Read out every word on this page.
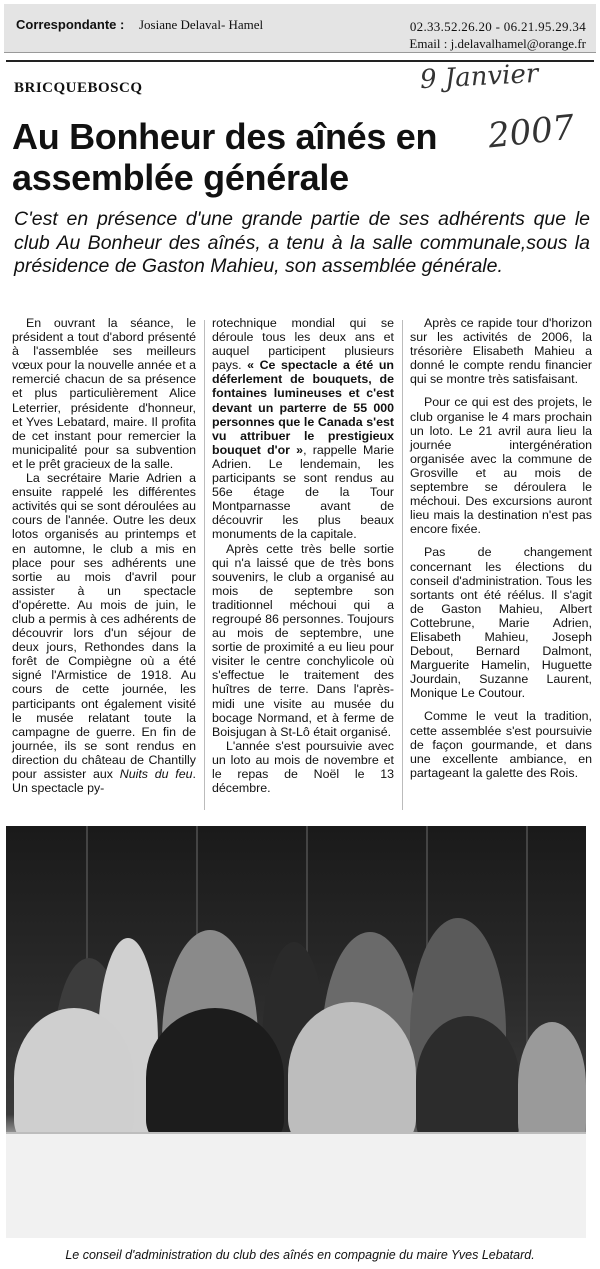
Correspondante : Josiane Delaval- Hamel	02.33.52.26.20 - 06.21.95.29.34
Email : j.delavalhamel@orange.fr
BRICQUEBOSCQ	9 Janvier
2007
Au Bonheur des aînés en assemblée générale

C'est en présence d'une grande partie de ses adhérents que le club Au Bonheur des aînés, a tenu à la salle communale,sous la présidence de Gaston Mahieu, son assemblée générale.

En ouvrant la séance, le président a tout d'abord présenté à l'assemblée ses meilleurs vœux pour la nouvelle année et a remercié chacun de sa présence et plus particulièrement Alice Leterrier, présidente d'honneur, et Yves Lebatard, maire. Il profita de cet instant pour remercier la municipalité pour sa subvention et le prêt gracieux de la salle.

La secrétaire Marie Adrien a ensuite rappelé les différentes activités qui se sont déroulées au cours de l'année. Outre les deux lotos organisés au printemps et en automne, le club a mis en place pour ses adhérents une sortie au mois d'avril pour assister à un spectacle d'opérette. Au mois de juin, le club a permis à ces adhérents de découvrir lors d'un séjour de deux jours, Rethondes dans la forêt de Compiègne où a été signé l'Armistice de 1918. Au cours de cette journée, les participants ont également visité le musée relatant toute la campagne de guerre. En fin de journée, ils se sont rendus en direction du château de Chantilly pour assister aux Nuits du feu. Un spectacle py-

rotechnique mondial qui se déroule tous les deux ans et auquel participent plusieurs pays. « Ce spectacle a été un déferlement de bouquets, de fontaines lumineuses et c'est devant un parterre de 55 000 personnes que le Canada s'est vu attribuer le prestigieux bouquet d'or », rappelle Marie Adrien. Le lendemain, les participants se sont rendus au 56e étage de la Tour Montparnasse avant de découvrir les plus beaux monuments de la capitale.

Après cette très belle sortie qui n'a laissé que de très bons souvenirs, le club a organisé au mois de septembre son traditionnel méchoui qui a regroupé 86 personnes. Toujours au mois de septembre, une sortie de proximité a eu lieu pour visiter le centre conchylicole où s'effectue le traitement des huîtres de terre. Dans l'après-midi une visite au musée du bocage Normand, et à ferme de Boisjugan à St-Lô était organisé.

L'année s'est poursuivie avec un loto au mois de novembre et le repas de Noël le 13 décembre.

Après ce rapide tour d'horizon sur les activités de 2006, la trésorière Elisabeth Mahieu a donné le compte rendu financier qui se montre très satisfaisant.

Pour ce qui est des projets, le club organise le 4 mars prochain un loto. Le 21 avril aura lieu la journée intergénération organisée avec la commune de Grosville et au mois de septembre se déroulera le méchoui. Des excursions auront lieu mais la destination n'est pas encore fixée.

Pas de changement concernant les élections du conseil d'administration. Tous les sortants ont été réélus. Il s'agit de Gaston Mahieu, Albert Cottebrune, Marie Adrien, Elisabeth Mahieu, Joseph Debout, Bernard Dalmont, Marguerite Hamelin, Huguette Jourdain, Suzanne Laurent, Monique Le Coutour.

Comme le veut la tradition, cette assemblée s'est poursuivie de façon gourmande, et dans une excellente ambiance, en partageant la galette des Rois.

Le conseil d'administration du club des aînés en compagnie du maire Yves Lebatard.
